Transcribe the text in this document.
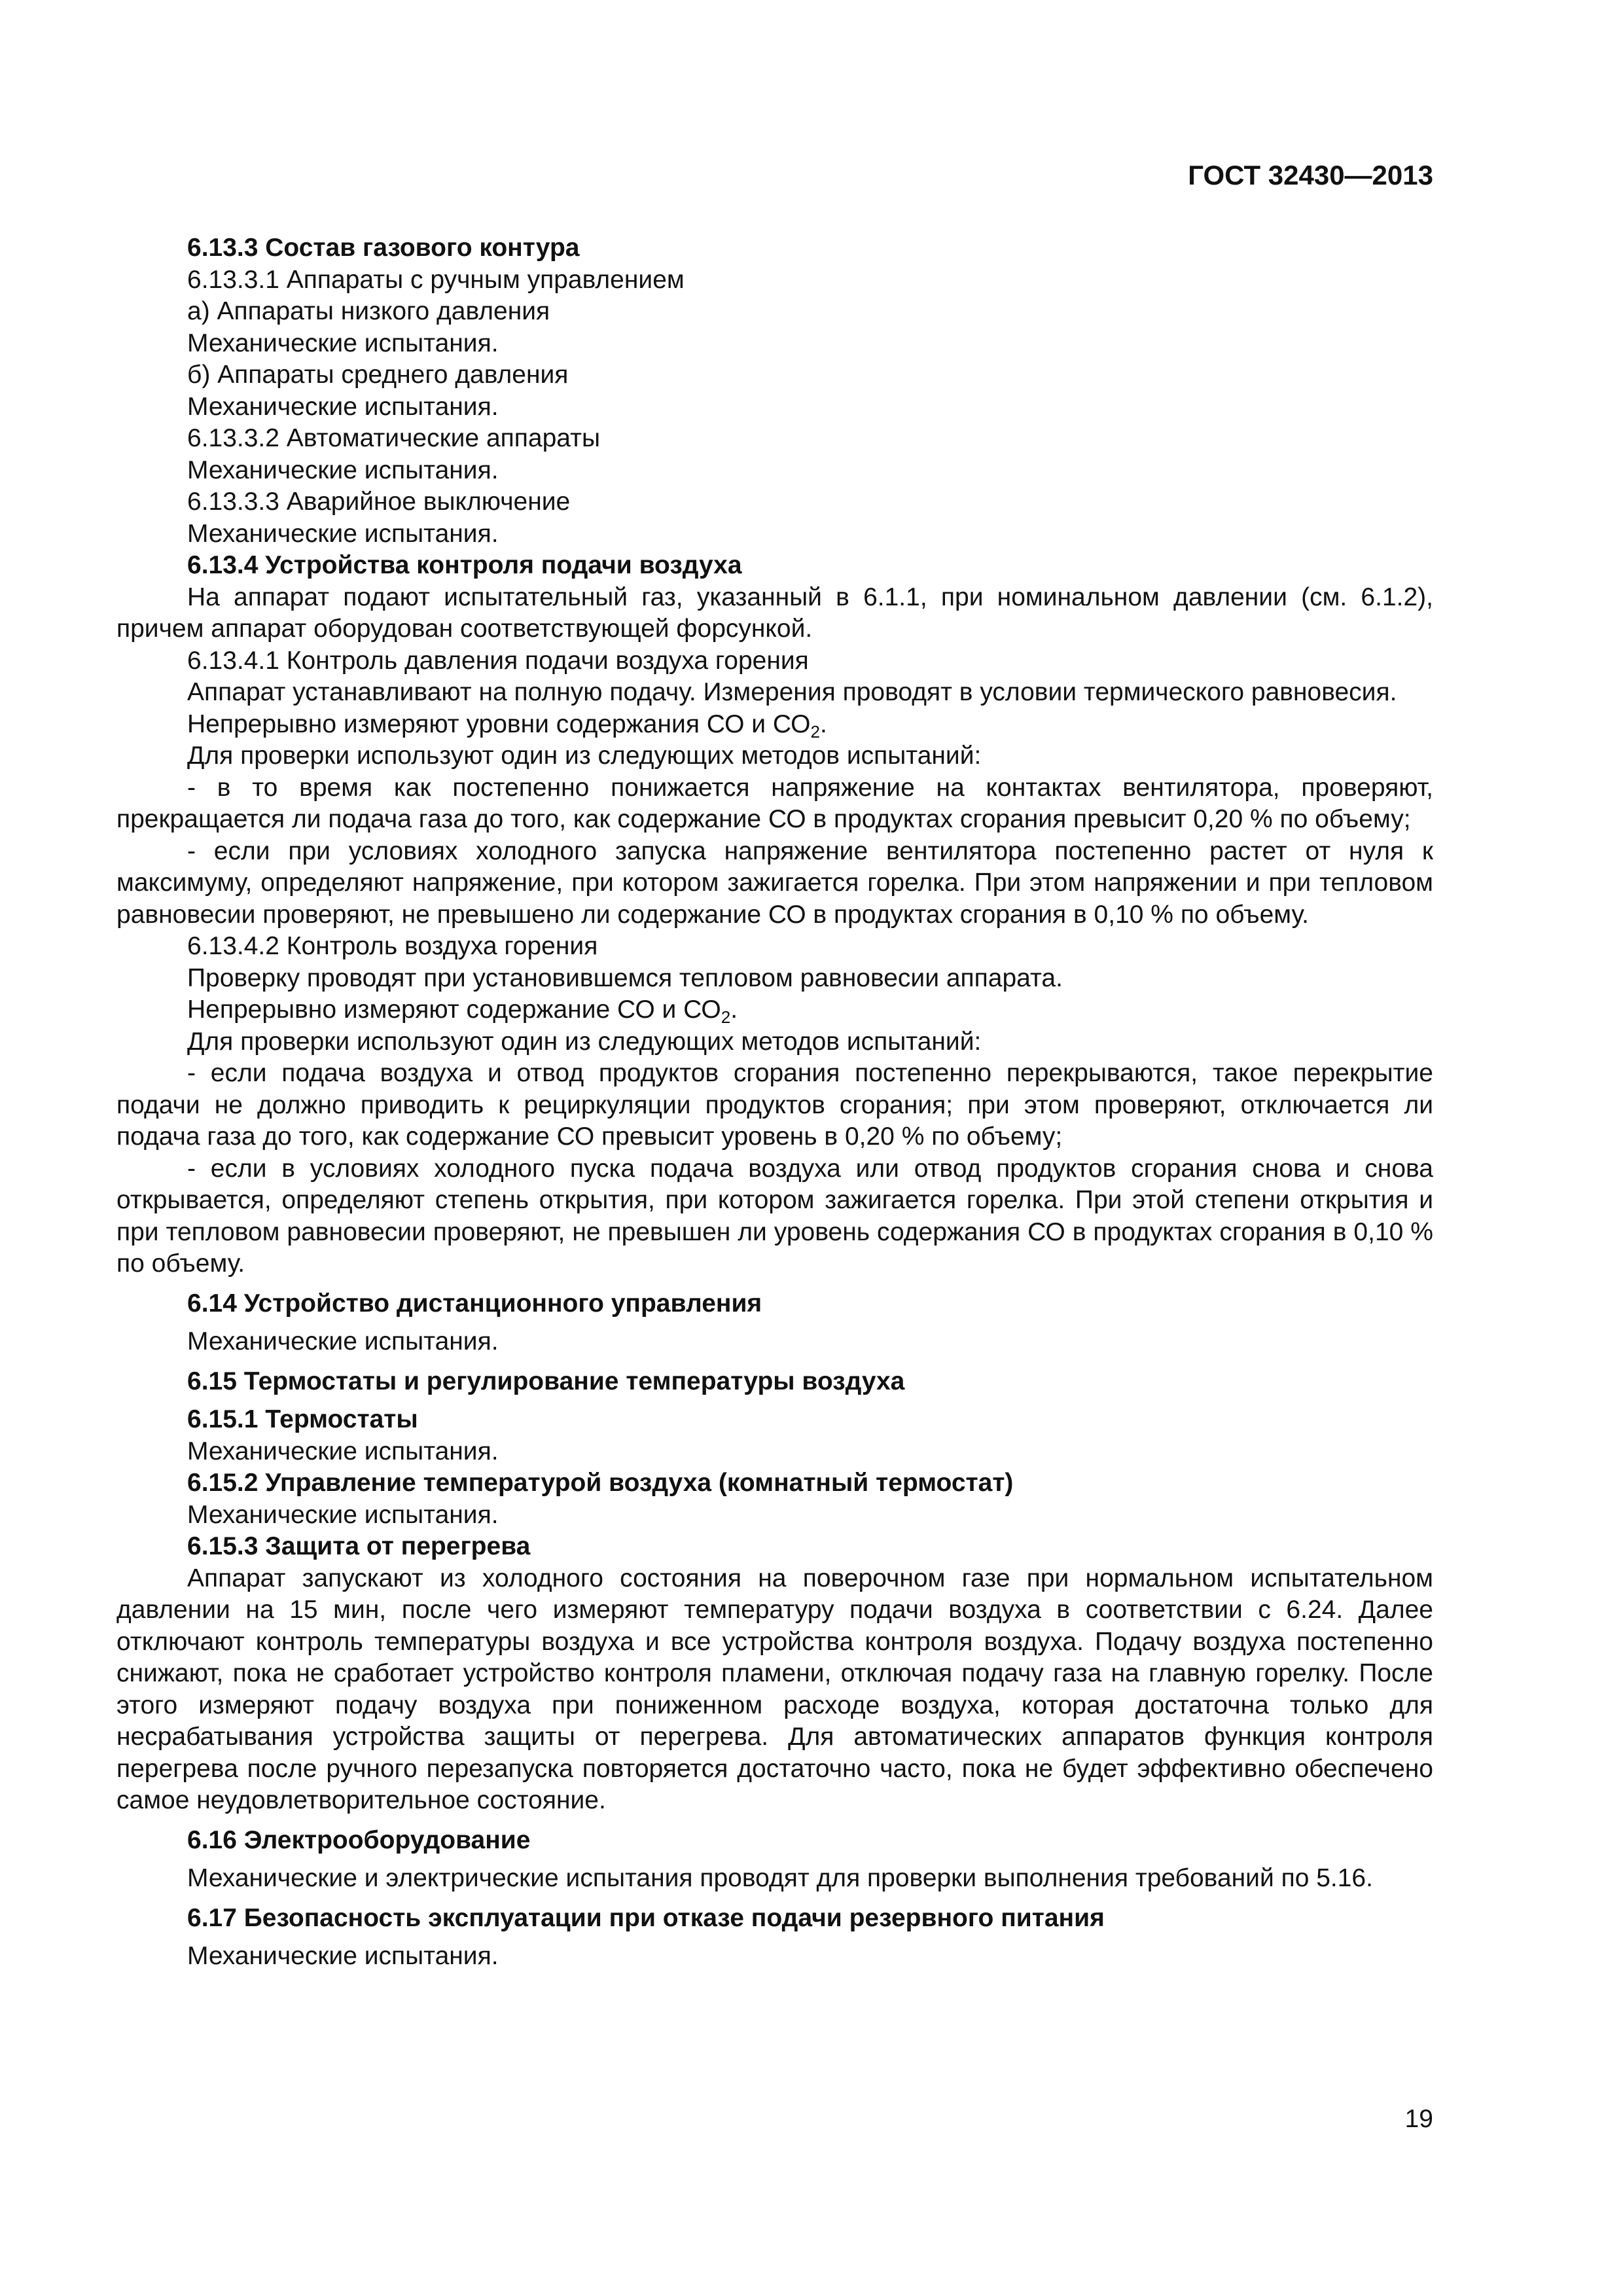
ГОСТ 32430—2013
6.13.3 Состав газового контура
6.13.3.1 Аппараты с ручным управлением
а) Аппараты низкого давления
Механические испытания.
б) Аппараты среднего давления
Механические испытания.
6.13.3.2 Автоматические аппараты
Механические испытания.
6.13.3.3 Аварийное выключение
Механические испытания.
6.13.4 Устройства контроля подачи воздуха

На аппарат подают испытательный газ, указанный в 6.1.1, при номинальном давлении (см. 6.1.2), причем аппарат оборудован соответствующей форсункой.

6.13.4.1 Контроль давления подачи воздуха горения

Аппарат устанавливают на полную подачу. Измерения проводят в условии термического равновесия.

Непрерывно измеряют уровни содержания СО и $СО_2$.

Для проверки используют один из следующих методов испытаний:

- в то время как постепенно понижается напряжение на контактах вентилятора, проверяют, прекращается ли подача газа до того, как содержание СО в продуктах сгорания превысит 0,20 % по объему;

- если при условиях холодного запуска напряжение вентилятора постепенно растет от нуля к максимуму, определяют напряжение, при котором зажигается горелка. При этом напряжении и при тепловом равновесии проверяют, не превышено ли содержание СО в продуктах сгорания в 0,10 % по объему.

6.13.4.2 Контроль воздуха горения

Проверку проводят при установившемся тепловом равновесии аппарата.

Непрерывно измеряют содержание СО и $СО_2$.

Для проверки используют один из следующих методов испытаний:

- если подача воздуха и отвод продуктов сгорания постепенно перекрываются, такое перекрытие подачи не должно приводить к рециркуляции продуктов сгорания; при этом проверяют, отключается ли подача газа до того, как содержание СО превысит уровень в 0,20 % по объему;

- если в условиях холодного пуска подача воздуха или отвод продуктов сгорания снова и снова открывается, определяют степень открытия, при котором зажигается горелка. При этой степени открытия и при тепловом равновесии проверяют, не превышен ли уровень содержания СО в продуктах сгорания в 0,10 % по объему.

6.14 Устройство дистанционного управления
Механические испытания.
6.15 Термостаты и регулирование температуры воздуха
6.15.1 Термостаты
Механические испытания.
6.15.2 Управление температурой воздуха (комнатный термостат)
Механические испытания.
6.15.3 Защита от перегрева

Аппарат запускают из холодного состояния на поверочном газе при нормальном испытательном давлении на 15 мин, после чего измеряют температуру подачи воздуха в соответствии с 6.24. Далее отключают контроль температуры воздуха и все устройства контроля воздуха. Подачу воздуха постепенно снижают, пока не сработает устройство контроля пламени, отключая подачу газа на главную горелку. После этого измеряют подачу воздуха при пониженном расходе воздуха, которая достаточна только для несрабатывания устройства защиты от перегрева. Для автоматических аппаратов функция контроля перегрева после ручного перезапуска повторяется достаточно часто, пока не будет эффективно обеспечено самое неудовлетворительное состояние.

6.16 Электрооборудование
Механические и электрические испытания проводят для проверки выполнения требований по 5.16.
6.17 Безопасность эксплуатации при отказе подачи резервного питания
Механические испытания.
19
